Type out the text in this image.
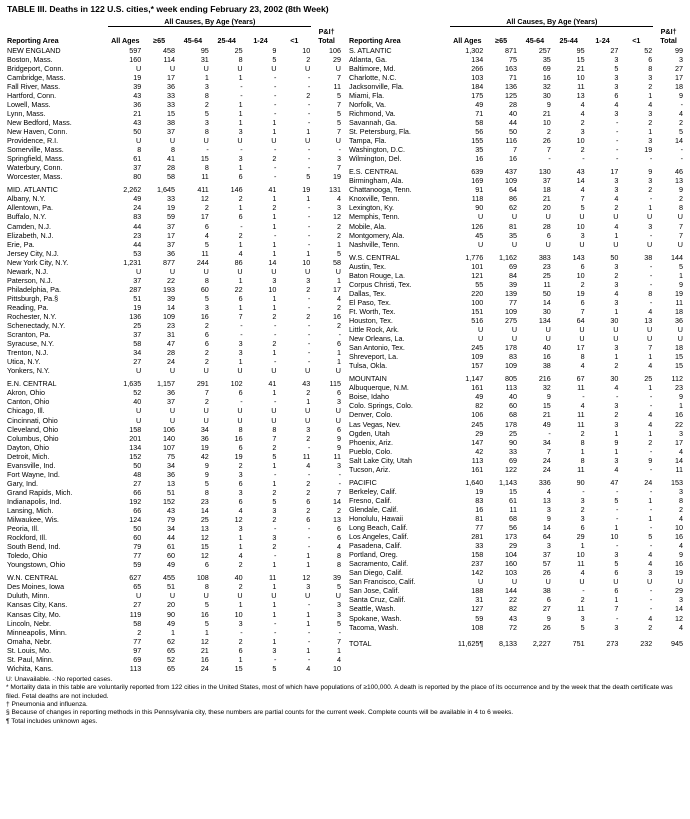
TABLE III. Deaths in 122 U.S. cities,* week ending February 23, 2002 (8th Week)
	All Causes, By Age (Years)						
Reporting Area	All Ages	≥65	45-64	25-44	1-24	<1	P&I† Total
NEW ENGLAND	597	458	95	25	9	10	106
Boston, Mass.	160	114	31	8	5	2	29
Bridgeport, Conn.	U	U	U	U	U	U	U
Cambridge, Mass.	19	17	1	1	-	-	7
Fall River, Mass.	39	36	3	-	-	-	11
Hartford, Conn.	43	33	8	-	-	2	5
Lowell, Mass.	36	33	2	1	-	-	7
Lynn, Mass.	21	15	5	1	-	-	5
New Bedford, Mass.	43	38	3	1	1	-	5
New Haven, Conn.	50	37	8	3	1	1	7
Providence, R.I.	U	U	U	U	U	U	U
Somerville, Mass.	8	8	-	-	-	-	-
Springfield, Mass.	61	41	15	3	2	-	3
Waterbury, Conn.	37	28	8	1	-	-	7
Worcester, Mass.	80	58	11	6	-	5	19

MID. ATLANTIC	2,262	1,645	411	146	41	19	131
Albany, N.Y.	49	33	12	2	1	1	4
Allentown, Pa.	24	19	2	1	2	-	3
Buffalo, N.Y.	83	59	17	6	1	-	12
Camden, N.J.	44	37	6	-	1	-	2
Elizabeth, N.J.	23	17	4	2	-	-	2
Erie, Pa.	44	37	5	1	1	-	1
Jersey City, N.J.	53	36	11	4	1	1	5
New York City, N.Y.	1,231	877	244	86	14	10	58
Newark, N.J.	U	U	U	U	U	U	U
Paterson, N.J.	37	22	8	1	3	3	1
Philadelphia, Pa.	287	193	60	22	10	2	17
Pittsburgh, Pa.§	51	39	5	6	1	-	4
Reading, Pa.	19	14	3	1	1	-	2
Rochester, N.Y.	136	109	16	7	2	2	16
Schenectady, N.Y.	25	23	2	-	-	-	2
Scranton, Pa.	37	31	6	-	-	-	-
Syracuse, N.Y.	58	47	6	3	2	-	6
Trenton, N.J.	34	28	2	3	1	-	1
Utica, N.Y.	27	24	2	1	-	-	1
Yonkers, N.Y.	U	U	U	U	U	U	U

E.N. CENTRAL	1,635	1,157	291	102	41	43	115
Akron, Ohio	52	36	7	6	1	2	6
Canton, Ohio	40	37	2	-	-	1	3
Chicago, Ill.	U	U	U	U	U	U	U
Cincinnati, Ohio	U	U	U	U	U	U	U
Cleveland, Ohio	158	106	34	8	8	3	6
Columbus, Ohio	201	140	36	16	7	2	9
Dayton, Ohio	134	107	19	6	2	-	9
Detroit, Mich.	152	75	42	19	5	11	11
Evansville, Ind.	50	34	9	2	1	4	3
Fort Wayne, Ind.	48	36	9	3	-	-	-
Gary, Ind.	27	13	5	6	1	2	-
Grand Rapids, Mich.	66	51	8	3	2	2	7
Indianapolis, Ind.	192	152	23	6	5	6	14
Lansing, Mich.	66	43	14	4	3	2	2
Milwaukee, Wis.	124	79	25	12	2	6	13
Peoria, Ill.	50	34	13	3	-	-	6
Rockford, Ill.	60	44	12	1	3	-	6
South Bend, Ind.	79	61	15	1	2	-	4
Toledo, Ohio	77	60	12	4	-	1	8
Youngstown, Ohio	59	49	6	2	1	1	8

W.N. CENTRAL	627	455	108	40	11	12	39
Des Moines, Iowa	65	51	8	2	1	3	5
Duluth, Minn.	U	U	U	U	U	U	U
Kansas City, Kans.	27	20	5	1	1	-	3
Kansas City, Mo.	119	90	16	10	1	1	3
Lincoln, Nebr.	58	49	5	3	-	1	5
Minneapolis, Minn.	2	1	1	-	-	-	-
Omaha, Nebr.	77	62	12	2	1	-	7
St. Louis, Mo.	97	65	21	6	3	1	1
St. Paul, Minn.	69	52	16	1	-	-	4
Wichita, Kans.	113	65	24	15	5	4	10
	All Causes, By Age (Years)						
Reporting Area	All Ages	≥65	45-64	25-44	1-24	<1	P&I† Total
S. ATLANTIC	1,302	871	257	95	27	52	99
Atlanta, Ga.	134	75	35	15	3	6	3
Baltimore, Md.	266	163	69	21	5	8	27
Charlotte, N.C.	103	71	16	10	3	3	17
Jacksonville, Fla.	184	136	32	11	3	2	18
Miami, Fla.	175	125	30	13	6	1	9
Norfolk, Va.	49	28	9	4	4	4	-
Richmond, Va.	71	40	21	4	3	3	4
Savannah, Ga.	58	44	10	2	-	2	2
St. Petersburg, Fla.	56	50	2	3	-	1	5
Tampa, Fla.	155	116	26	10	-	3	14
Washington, D.C.	35	7	7	2	-	19	-
Wilmington, Del.	16	16	-	-	-	-	-

E.S. CENTRAL	639	437	130	43	17	9	46
Birmingham, Ala.	169	109	37	14	3	3	13
Chattanooga, Tenn.	91	64	18	4	3	2	9
Knoxville, Tenn.	118	86	21	7	4	-	2
Lexington, Ky.	90	62	20	5	2	1	8
Memphis, Tenn.	U	U	U	U	U	U	U
Mobile, Ala.	126	81	28	10	4	3	7
Montgomery, Ala.	45	35	6	3	1	-	7
Nashville, Tenn.	U	U	U	U	U	U	U

W.S. CENTRAL	1,776	1,162	383	143	50	38	144
Austin, Tex.	101	69	23	6	3	-	5
Baton Rouge, La.	121	84	25	10	2	-	1
Corpus Christi, Tex.	55	39	11	2	3	-	9
Dallas, Tex.	220	139	50	19	4	8	19
El Paso, Tex.	100	77	14	6	3	-	11
Ft. Worth, Tex.	151	109	30	7	1	4	18
Houston, Tex.	516	275	134	64	30	13	36
Little Rock, Ark.	U	U	U	U	U	U	U
New Orleans, La.	U	U	U	U	U	U	U
San Antonio, Tex.	245	178	40	17	3	7	18
Shreveport, La.	109	83	16	8	1	1	15
Tulsa, Okla.	157	109	38	4	2	4	15

MOUNTAIN	1,147	805	216	67	30	25	112
Albuquerque, N.M.	161	113	32	11	4	1	23
Boise, Idaho	49	40	9	-	-	-	9
Colo. Springs, Colo.	82	60	15	4	3	-	1
Denver, Colo.	106	68	21	11	2	4	16
Las Vegas, Nev.	245	178	49	11	3	4	22
Ogden, Utah	29	25	-	2	1	1	3
Phoenix, Ariz.	147	90	34	8	9	2	17
Pueblo, Colo.	42	33	7	1	1	-	4
Salt Lake City, Utah	113	69	24	8	3	9	14
Tucson, Ariz.	161	122	24	11	4	-	11

PACIFIC	1,640	1,143	336	90	47	24	153
Berkeley, Calif.	19	15	4	-	-	-	3
Fresno, Calif.	83	61	13	3	5	1	8
Glendale, Calif.	16	11	3	2	-	-	2
Honolulu, Hawaii	81	68	9	3	-	1	4
Long Beach, Calif.	77	56	14	6	1	-	10
Los Angeles, Calif.	281	173	64	29	10	5	16
Pasadena, Calif.	33	29	3	1	-	-	4
Portland, Oreg.	158	104	37	10	3	4	9
Sacramento, Calif.	237	160	57	11	5	4	16
San Diego, Calif.	142	103	26	4	6	3	19
San Francisco, Calif.	U	U	U	U	U	U	U
San Jose, Calif.	188	144	38	-	6	-	29
Santa Cruz, Calif.	31	22	6	2	1	-	3
Seattle, Wash.	127	82	27	11	7	-	14
Spokane, Wash.	59	43	9	3	-	4	12
Tacoma, Wash.	108	72	26	5	3	2	4

TOTAL	11,625¶	8,133	2,227	751	273	232	945
U: Unavailable. -:No reported cases.
* Mortality data in this table are voluntarily reported from 122 cities in the United States, most of which have populations of ≥100,000. A death is reported by the place of its occurrence and by the week that the death certificate was filed. Fetal deaths are not included.
† Pneumonia and influenza.
§ Because of changes in reporting methods in this Pennsylvania city, these numbers are partial counts for the current week. Complete counts will be available in 4 to 6 weeks.
¶ Total includes unknown ages.
